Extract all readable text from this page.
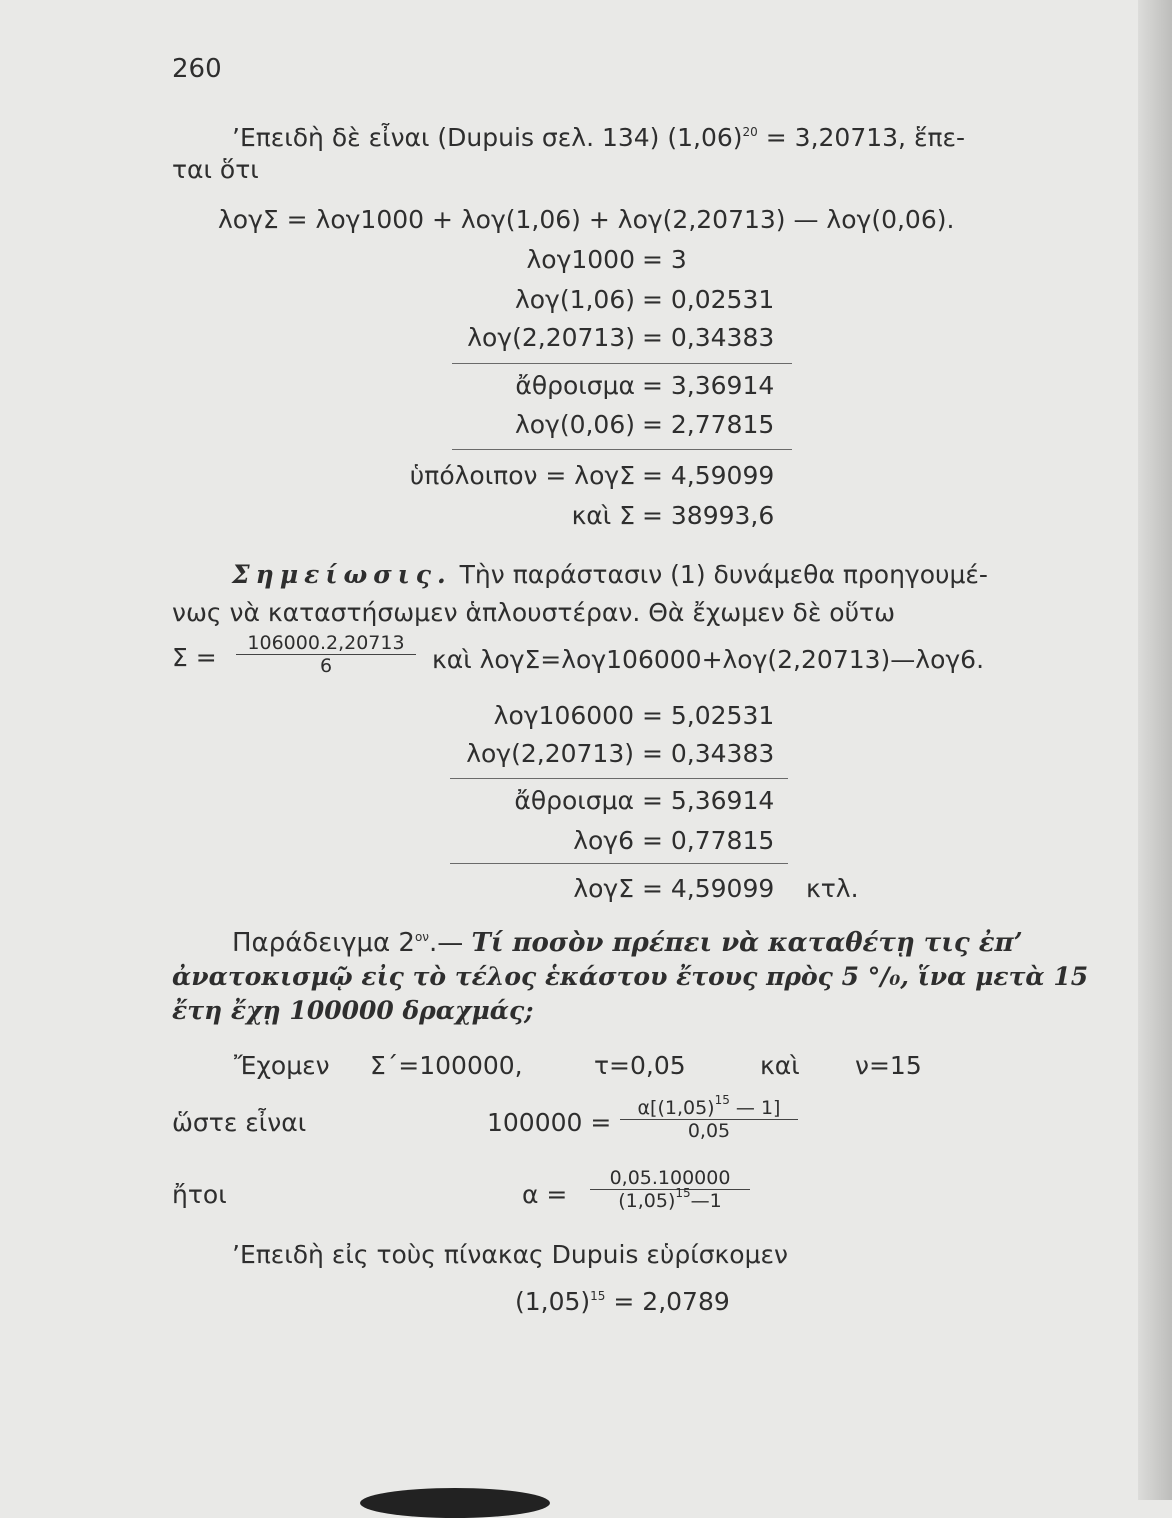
260
’Επειδὴ δὲ εἶναι (Dupuis σελ. 134) $(1,06)^{20} = 3,20713$, ἕπε-
ται ὅτι
λογΣ = λογ1000 + λογ(1,06) + λογ(2,20713) — λογ(0,06).
λογ1000 = 3
λογ(1,06) = 0,02531
λογ(2,20713) = 0,34383
ἄθροισμα = 3,36914
λογ(0,06) = 2,77815
ὑπόλοιπον = λογΣ = 4,59099
καὶ Σ = 38993,6
Σημείωσις. Τὴν παράστασιν (1) δυνάμεθα προηγουμέ-
νως νὰ καταστήσωμεν ἁπλουστέραν. Θὰ ἔχωμεν δὲ οὕτω
$\Sigma = \frac{106000.2,20713}{6}$ καὶ λογΣ=λογ106000+λογ(2,20713)—λογ6.
λογ106000 = 5,02531
λογ(2,20713) = 0,34383
ἄθροισμα = 5,36914
λογ6 = 0,77815
λογΣ = 4,59099 κτλ.
Παράδειγμα $2^{o\nu}.—$ Τί ποσὸν πρέπει νὰ καταθέτῃ τις ἐπ’
ἀνατοκισμῷ εἰς τὸ τέλος ἑκάστου ἔτους πρὸς 5 °/₀, ἵνα μετὰ 15
ἔτη ἔχῃ 100000 δραχμάς;
Ἔχομεν Σ΄=100000,	τ=0,05	καὶ ν=15
ὥστε εἶναι	$100000 = \frac{\alpha[(1,05)^{15} — 1]}{0,05}$
ἤτοι	$\alpha = \frac{0,05.100000}{(1,05)^{15}—1}$
’Επειδὴ εἰς τοὺς πίνακας Dupuis εὑρίσκομεν
$(1,05)^{15} = 2,0789$
